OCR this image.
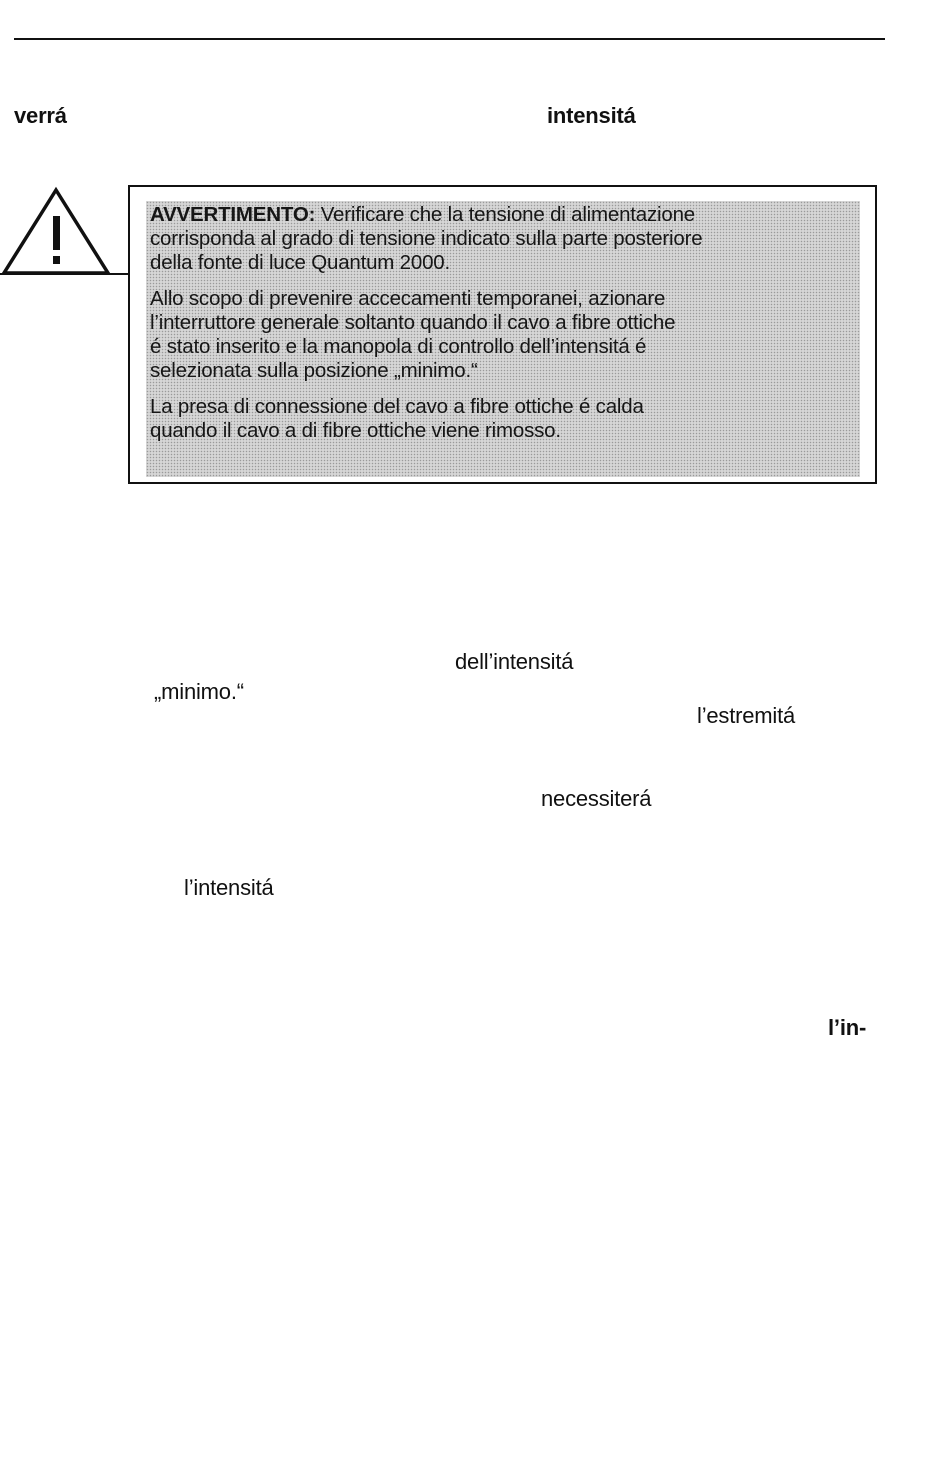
verrá	intensitá

AVVERTIMENTO: Verificare che la tensione di alimentazione
corrisponda al grado di tensione indicato sulla parte posteriore
della fonte di luce Quantum 2000.

Allo scopo di prevenire accecamenti temporanei, azionare
l’interruttore generale soltanto quando il cavo a fibre ottiche
é stato inserito e la manopola di controllo dell’intensitá é
selezionata sulla posizione „minimo.“

La presa di connessione del cavo a fibre ottiche é calda
quando il cavo a di fibre ottiche viene rimosso.

dell’intensitá
„minimo.“
l’estremitá
necessiterá
l’intensitá
l’in-
